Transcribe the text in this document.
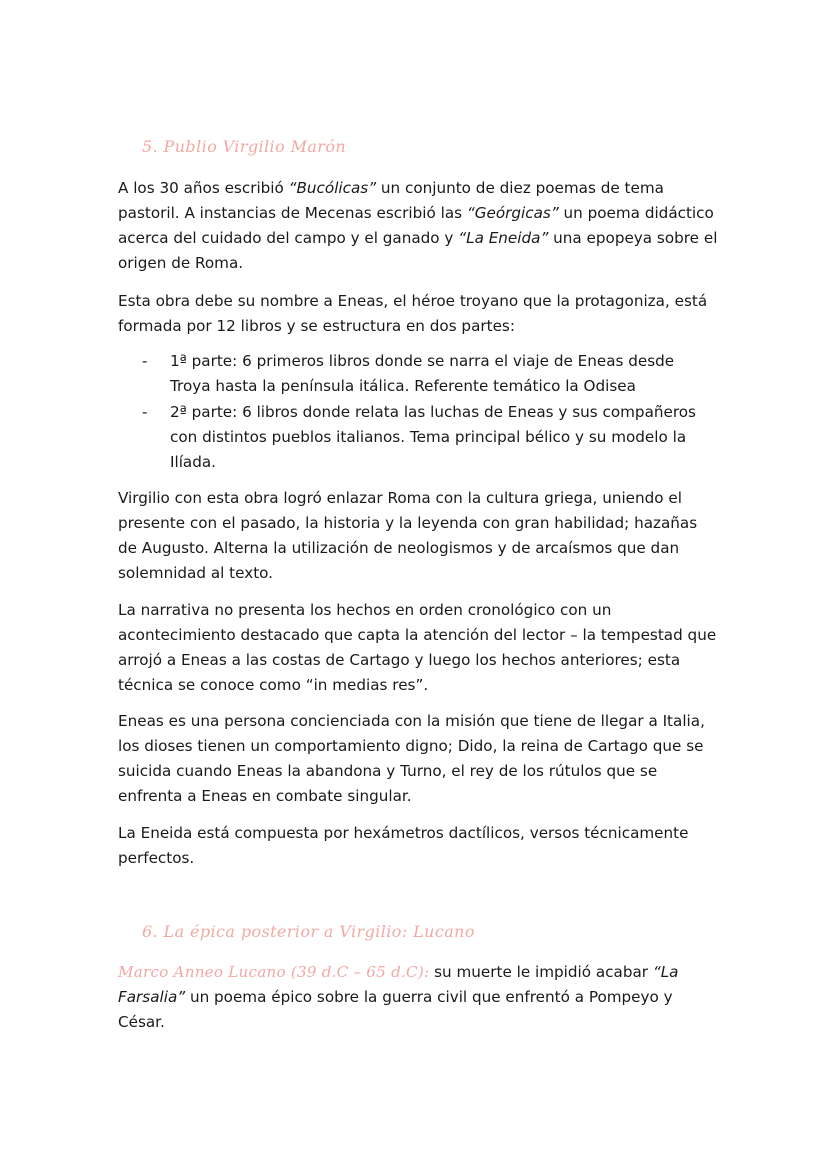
5. Publio Virgilio Marón

A los 30 años escribió “Bucólicas” un conjunto de diez poemas de tema pastoril. A instancias de Mecenas escribió las “Geórgicas” un poema didáctico acerca del cuidado del campo y el ganado y “La Eneida” una epopeya sobre el origen de Roma.

Esta obra debe su nombre a Eneas, el héroe troyano que la protagoniza, está formada por 12 libros y se estructura en dos partes:

- 1ª parte: 6 primeros libros donde se narra el viaje de Eneas desde Troya hasta la península itálica. Referente temático la Odisea
- 2ª parte: 6 libros donde relata las luchas de Eneas y sus compañeros con distintos pueblos italianos. Tema principal bélico y su modelo la Ilíada.

Virgilio con esta obra logró enlazar Roma con la cultura griega, uniendo el presente con el pasado, la historia y la leyenda con gran habilidad; hazañas de Augusto. Alterna la utilización de neologismos y de arcaísmos que dan solemnidad al texto.

La narrativa no presenta los hechos en orden cronológico con un acontecimiento destacado que capta la atención del lector – la tempestad que arrojó a Eneas a las costas de Cartago y luego los hechos anteriores; esta técnica se conoce como “in medias res”.

Eneas es una persona concienciada con la misión que tiene de llegar a Italia, los dioses tienen un comportamiento digno; Dido, la reina de Cartago que se suicida cuando Eneas la abandona y Turno, el rey de los rútulos que se enfrenta a Eneas en combate singular.

La Eneida está compuesta por hexámetros dactílicos, versos técnicamente perfectos.

6. La épica posterior a Virgilio: Lucano

Marco Anneo Lucano (39 d.C – 65 d.C): su muerte le impidió acabar “La Farsalia” un poema épico sobre la guerra civil que enfrentó a Pompeyo y César.
